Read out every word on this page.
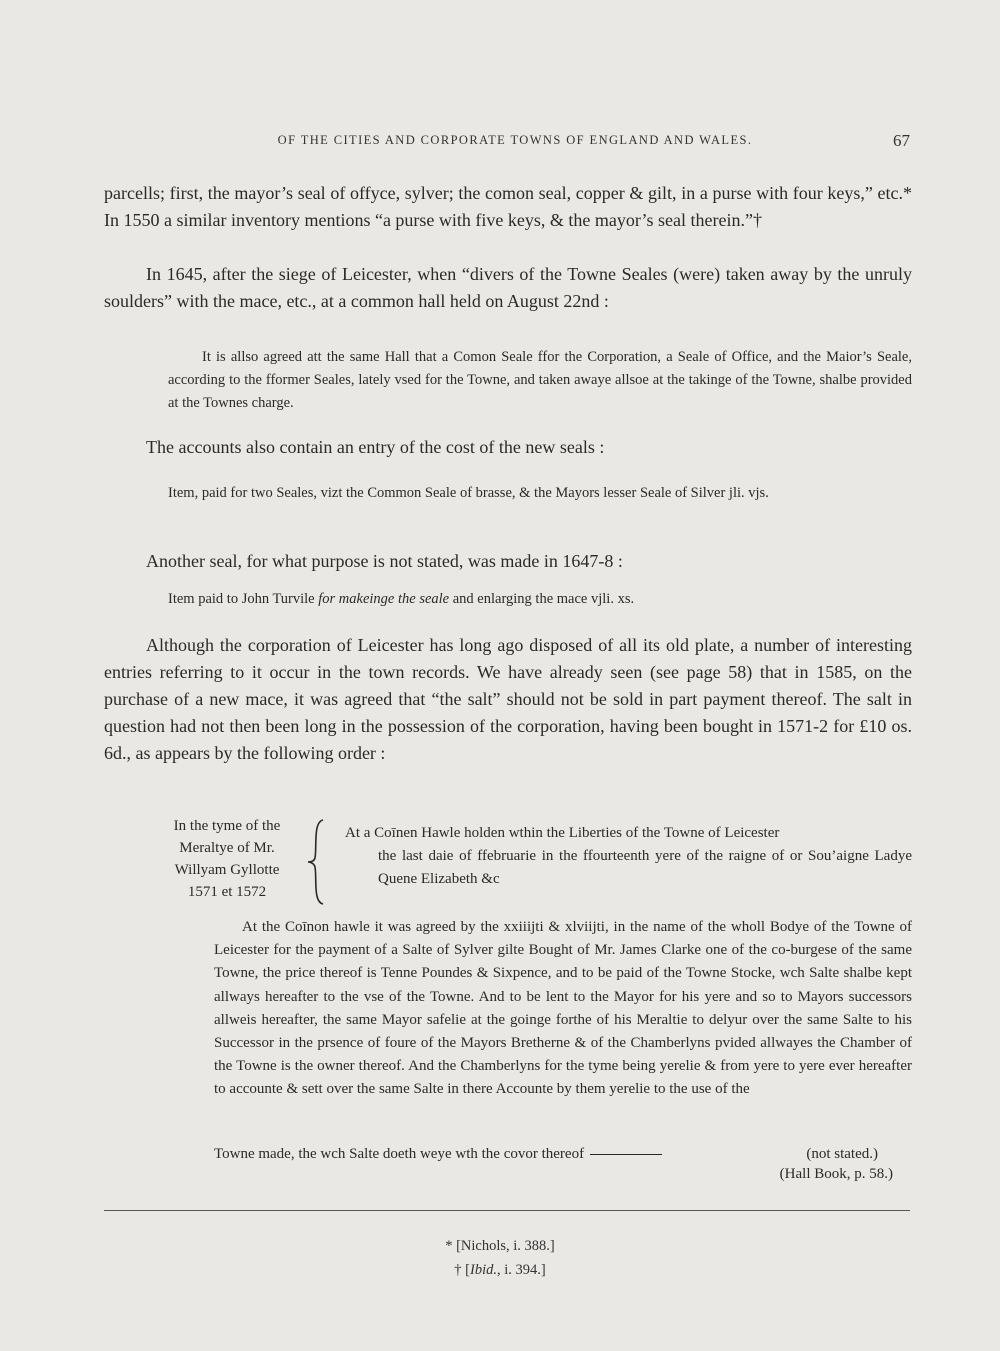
OF THE CITIES AND CORPORATE TOWNS OF ENGLAND AND WALES.	67

parcells; first, the mayor’s seal of offyce, sylver; the comon seal, copper & gilt, in a purse with four keys,” etc.* In 1550 a similar inventory mentions “a purse with five keys, & the mayor’s seal therein.”†

In 1645, after the siege of Leicester, when “divers of the Towne Seales (were) taken away by the unruly soulders” with the mace, etc., at a common hall held on August 22nd :

It is allso agreed att the same Hall that a Comon Seale ffor the Corporation, a Seale of Office, and the Maior’s Seale, according to the fformer Seales, lately vsed for the Towne, and taken awaye allsoe at the takinge of the Towne, shalbe provided at the Townes charge.

The accounts also contain an entry of the cost of the new seals :

Item, paid for two Seales, vizt the Common Seale of brasse, & the Mayors lesser Seale of Silver jli. vjs.

Another seal, for what purpose is not stated, was made in 1647-8 :

Item paid to John Turvile for makeinge the seale and enlarging the mace vjli. xs.

Although the corporation of Leicester has long ago disposed of all its old plate, a number of interesting entries referring to it occur in the town records. We have already seen (see page 58) that in 1585, on the purchase of a new mace, it was agreed that “the salt” should not be sold in part payment thereof. The salt in question had not then been long in the possession of the corporation, having been bought in 1571-2 for £10 os. 6d., as appears by the following order :

In the tyme of the
Meraltye of Mr.
Willyam Gyllotte
1571 et 1572
At a Coīnen Hawle holden wthin the Liberties of the Towne of Leicester
the last daie of ffebruarie in the ffourteenth yere of the raigne of or Sou’aigne Ladye Quene Elizabeth &c

At the Coīnon hawle it was agreed by the xxiiijti & xlviijti, in the name of the wholl Bodye of the Towne of Leicester for the payment of a Salte of Sylver gilte Bought of Mr. James Clarke one of the co-burgese of the same Towne, the price thereof is Tenne Poundes & Sixpence, and to be paid of the Towne Stocke, wch Salte shalbe kept allways hereafter to the vse of the Towne. And to be lent to the Mayor for his yere and so to Mayors successors allweis hereafter, the same Mayor safelie at the goinge forthe of his Meraltie to delyur over the same Salte to his Successor in the prsence of foure of the Mayors Bretherne & of the Chamberlyns pvided allwayes the Chamber of the Towne is the owner thereof. And the Chamberlyns for the tyme being yerelie & from yere to yere ever hereafter to accounte & sett over the same Salte in there Accounte by them yerelie to the use of the

Towne made, the wch Salte doeth weye wth the covor thereof	(not stated.)
(Hall Book, p. 58.)
* [Nichols, i. 388.]
† [Ibid., i. 394.]
